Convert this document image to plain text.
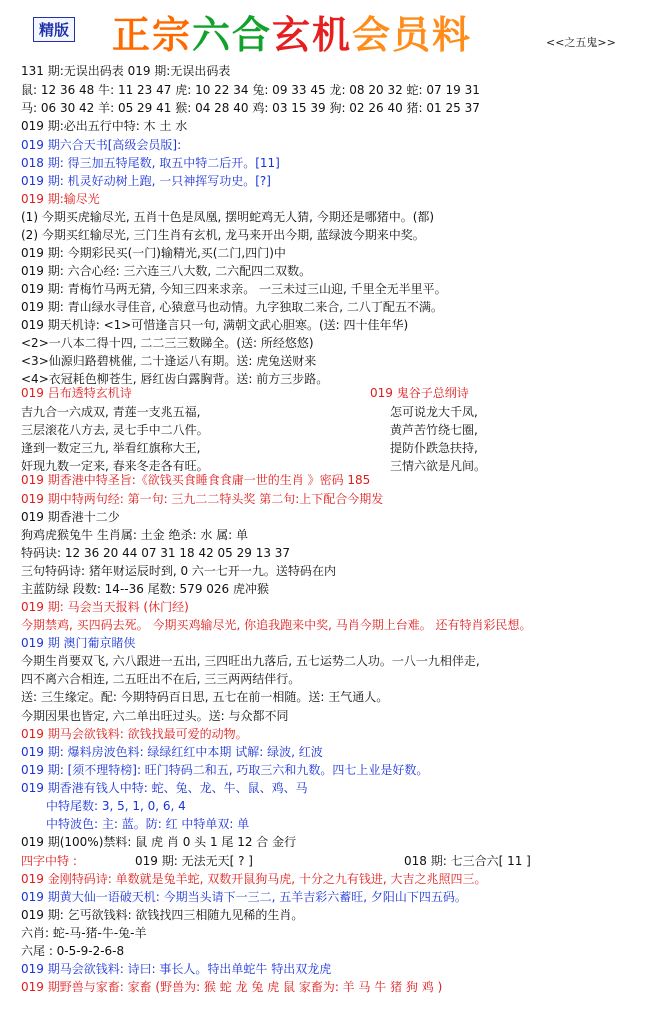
精版 正宗六合玄机会员料	<<之五鬼>>
131 期:无误出码表 019 期:无误出码表
鼠: 12 36 48 牛: 11 23 47 虎: 10 22 34 兔: 09 33 45 龙: 08 20 32 蛇: 07 19 31
马: 06 30 42 羊: 05 29 41 猴: 04 28 40 鸡: 03 15 39 狗: 02 26 40 猪: 01 25 37
019 期:必出五行中特: 木 土 水
019 期六合天书[高级会员版]:
018 期: 得三加五特尾数, 取五中特二后开。[11]
019 期: 机灵好动树上跑, 一只神挥写功史。[?]
019 期:输尽光
(1) 今期买虎输尽光, 五肖十色是凤凰, 摆明蛇鸡无人猜, 今期还是哪猪中。(都)
(2) 今期买红输尽光, 三门生肖有玄机, 龙马来开出今期, 蓝绿波今期来中奖。
019 期: 今期彩民买(一门)输精光,买(二门,四门)中
019 期: 六合心经: 三六连三八大数, 二六配四二双数。
019 期: 青梅竹马两无猜, 今知三四来求亲。 一三未过三山迎, 千里全无半里平。
019 期: 青山绿水寻佳音, 心猿意马也动情。九字独取二来合, 二八丁配五不满。
019 期天机诗: <1>可惜逢言只一句, 满朝文武心胆寒。(送: 四十佳年华)
<2>一八本二得十四, 二二三三数睇全。(送: 所经悠悠)
<3>仙源归路碧桃催, 二十逢运八有期。送: 虎兔送财来
<4>衣冠耗色柳苍生, 唇红齿白露胸背。送: 前方三步路。
019 吕布透特玄机诗	019 鬼谷子总纲诗
吉九合一六成双, 青莲一支兆五福,
三层滚花八方去, 灵七手中二八件。
逢到一数定三九, 举看红旗称大王,
奸现九数一定来, 春来冬走各有旺。
怎可说龙大千凤,
黄芦苦竹绕七圈,
提防仆跌急扶持,
三情六欲是凡间。
019 期香港中特圣旨:《欲钱买食睡食食庸一世的生肖 》密码 185
019 期中特两句经: 第一句: 三九二二特头奖 第二句:上下配合今期发
019 期香港十二少
狗鸡虎猴兔牛 生肖属: 土金 绝杀: 水 属: 单
特码诀: 12 36 20 44 07 31 18 42 05 29 13 37
三句特码诗: 猪年财运辰时到, 0 六一七开一九。送特码在内
主蓝防绿 段数: 14--36 尾数: 579 026 虎冲猴
019 期: 马会当天报料 (休门经)
今期禁鸡, 买四码去死。 今期买鸡输尽光, 你追我跑来中奖, 马肖今期上台难。 还有特肖彩民想。
019 期 澳门葡京睹侠
今期生肖要双飞, 六八跟进一五出, 三四旺出九落后, 五七运势二人功。一八一九相伴走,
四不离六合相连, 二五旺出不在后, 三三两两结伴行。
送: 三生缘定。配: 今期特码百日思, 五七在前一相随。送: 王气通人。
今期因果也皆定, 六二单出旺过头。送: 与众都不同
019 期马会欲钱料: 欲钱找最可爱的动物。
019 期: 爆料房波色料: 绿绿红红中本期 试解: 绿波, 红波
019 期: [须不理特榜]: 旺门特码二和五, 巧取三六和九数。四七上业是好数。
019 期香港有钱人中特: 蛇、兔、龙、牛、鼠、鸡、马
中特尾数: 3, 5, 1, 0, 6, 4
中特波色: 主: 蓝。防: 红 中特单双: 单
019 期(100%)禁料: 鼠 虎 肖 0 头 1 尾 12 合 金行
四字中特 :	019 期: 无法无天[ ? ]	018 期: 七三合六[ 11 ]
019 金刚特码诗: 单数就是兔羊蛇, 双数开鼠狗马虎, 十分之九有钱进, 大吉之兆照四三。
019 期黄大仙一语破天机: 今期当头请下一三二, 五羊吉彩六蓄旺, 夕阳山下四五码。
019 期: 乞丐欲钱料: 欲钱找四三相随九见稀的生肖。
六肖: 蛇-马-猪-牛-兔-羊
六尾 : 0-5-9-2-6-8
019 期马会欲钱料: 诗曰: 事长人。特出单蛇牛 特出双龙虎
019 期野兽与家畜: 家畜 (野兽为: 猴 蛇 龙 兔 虎 鼠 家畜为: 羊 马 牛 猪 狗 鸡 )
